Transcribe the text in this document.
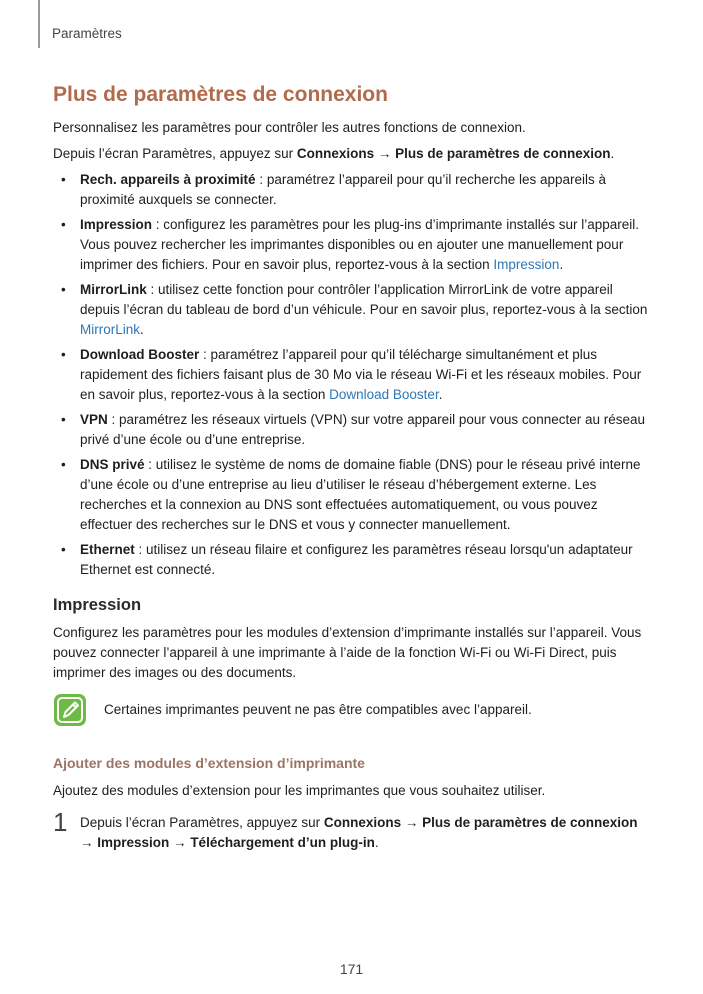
Paramètres
Plus de paramètres de connexion

Personnalisez les paramètres pour contrôler les autres fonctions de connexion.

Depuis l’écran Paramètres, appuyez sur Connexions → Plus de paramètres de connexion.

• Rech. appareils à proximité : paramétrez l’appareil pour qu’il recherche les appareils à proximité auxquels se connecter.
• Impression : configurez les paramètres pour les plug-ins d’imprimante installés sur l’appareil. Vous pouvez rechercher les imprimantes disponibles ou en ajouter une manuellement pour imprimer des fichiers. Pour en savoir plus, reportez-vous à la section Impression.
• MirrorLink : utilisez cette fonction pour contrôler l’application MirrorLink de votre appareil depuis l’écran du tableau de bord d’un véhicule. Pour en savoir plus, reportez-vous à la section MirrorLink.
• Download Booster : paramétrez l’appareil pour qu’il télécharge simultanément et plus rapidement des fichiers faisant plus de 30 Mo via le réseau Wi-Fi et les réseaux mobiles. Pour en savoir plus, reportez-vous à la section Download Booster.
• VPN : paramétrez les réseaux virtuels (VPN) sur votre appareil pour vous connecter au réseau privé d’une école ou d’une entreprise.
• DNS privé : utilisez le système de noms de domaine fiable (DNS) pour le réseau privé interne d’une école ou d’une entreprise au lieu d’utiliser le réseau d’hébergement externe. Les recherches et la connexion au DNS sont effectuées automatiquement, ou vous pouvez effectuer des recherches sur le DNS et vous y connecter manuellement.
• Ethernet : utilisez un réseau filaire et configurez les paramètres réseau lorsqu'un adaptateur Ethernet est connecté.
Impression

Configurez les paramètres pour les modules d’extension d’imprimante installés sur l’appareil. Vous pouvez connecter l’appareil à une imprimante à l’aide de la fonction Wi-Fi ou Wi-Fi Direct, puis imprimer des images ou des documents.

Certaines imprimantes peuvent ne pas être compatibles avec l’appareil.
Ajouter des modules d’extension d’imprimante

Ajoutez des modules d’extension pour les imprimantes que vous souhaitez utiliser.

1 Depuis l’écran Paramètres, appuyez sur Connexions → Plus de paramètres de connexion → Impression → Téléchargement d’un plug-in.
171
